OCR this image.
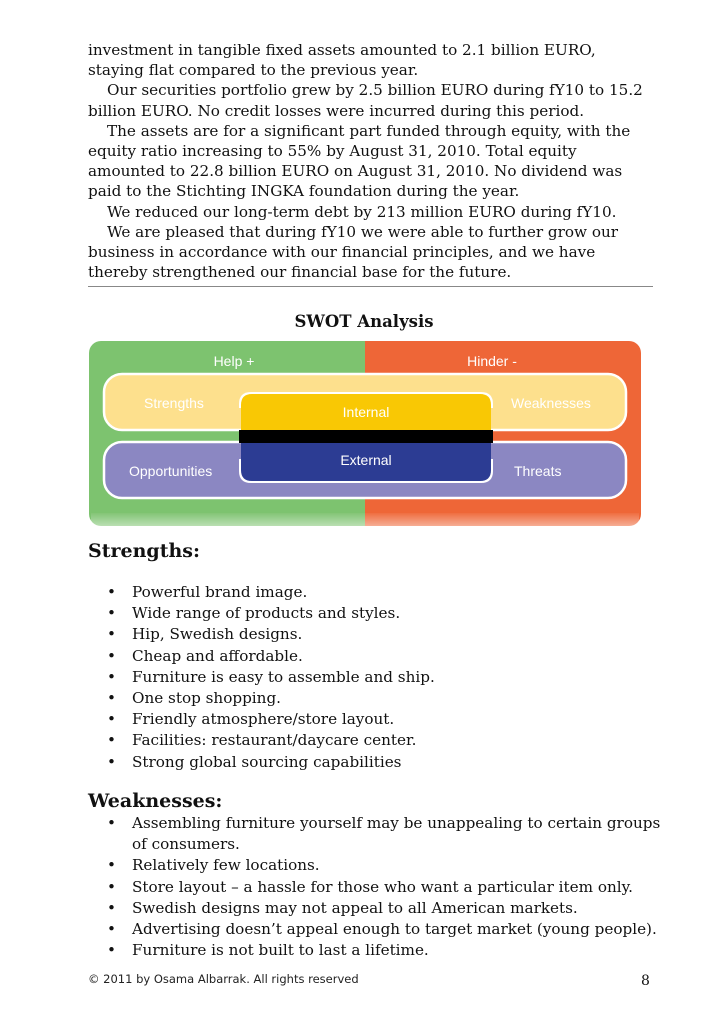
investment in tangible fixed assets amounted to 2.1 billion EURO, staying flat compared to the previous year.

Our securities portfolio grew by 2.5 billion EURO during fY10 to 15.2 billion EURO. No credit losses were incurred during this period.

The assets are for a significant part funded through equity, with the equity ratio increasing to 55% by August 31, 2010. Total equity amounted to 22.8 billion EURO on August 31, 2010. No dividend was paid to the Stichting INGKA foundation during the year.

We reduced our long-term debt by 213 million EURO during fY10.

We are pleased that during fY10 we were able to further grow our business in accordance with our financial principles, and we have thereby strengthened our financial base for the future.

SWOT Analysis
Help +	Hinder -
Strengths	Weaknesses
Opportunities	Threats
Internal
External
Strengths:
• Powerful brand image.
• Wide range of products and styles.
• Hip, Swedish designs.
• Cheap and affordable.
• Furniture is easy to assemble and ship.
• One stop shopping.
• Friendly atmosphere/store layout.
• Facilities: restaurant/daycare center.
• Strong global sourcing capabilities
Weaknesses:
• Assembling furniture yourself may be unappealing to certain groups of consumers.
• Relatively few locations.
• Store layout – a hassle for those who want a particular item only.
• Swedish designs may not appeal to all American markets.
• Advertising doesn’t appeal enough to target market (young people).
• Furniture is not built to last a lifetime.
© 2011 by Osama Albarrak. All rights reserved	8
